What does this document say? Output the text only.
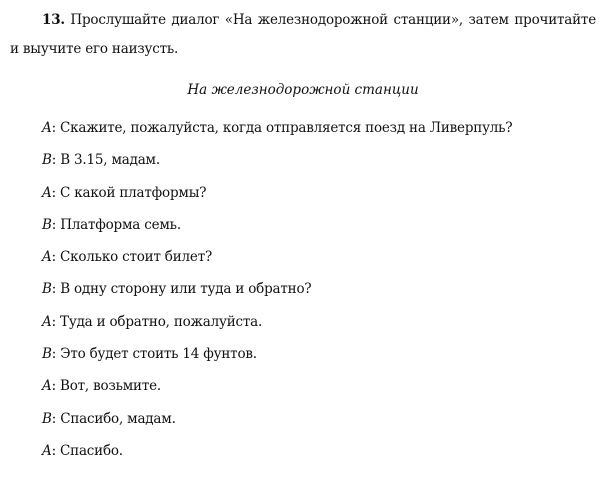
13. Прослушайте диалог «На железнодорожной станции», затем прочитайте и выучите его наизусть.

На железнодорожной станции
A: Скажите, пожалуйста, когда отправляется поезд на Ливерпуль?
B: В 3.15, мадам.
A: С какой платформы?
B: Платформа семь.
A: Сколько стоит билет?
B: В одну сторону или туда и обратно?
A: Туда и обратно, пожалуйста.
B: Это будет стоить 14 фунтов.
A: Вот, возьмите.
B: Спасибо, мадам.
A: Спасибо.
